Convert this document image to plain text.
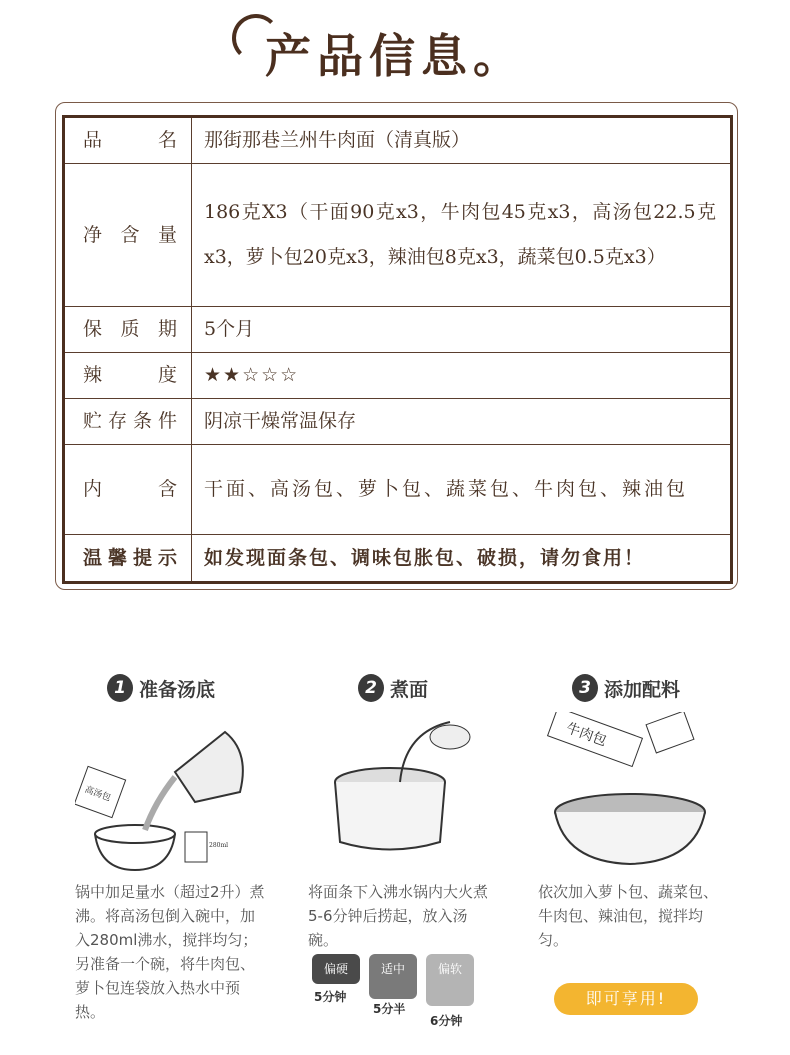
产品信息。
品名	那街那巷兰州牛肉面（清真版）
净含量	186克X3（干面90克x3，牛肉包45克x3，高汤包22.5克x3，萝卜包20克x3，辣油包8克x3，蔬菜包0.5克x3）
保质期	5个月
辣度	★★☆☆☆
贮存条件	阴凉干燥常温保存
内含	干面、高汤包、萝卜包、蔬菜包、牛肉包、辣油包
温馨提示	如发现面条包、调味包胀包、破损，请勿食用！
1 准备汤底	2 煮面	3 添加配料
高汤包
280ml
牛肉包
锅中加足量水（超过2升）煮沸。将高汤包倒入碗中，加入280ml沸水，搅拌均匀；另准备一个碗，将牛肉包、萝卜包连袋放入热水中预热。
将面条下入沸水锅内大火煮5-6分钟后捞起，放入汤碗。
依次加入萝卜包、蔬菜包、牛肉包、辣油包，搅拌均匀。
偏硬
5分钟
适中
5分半
偏软
6分钟
即可享用!
